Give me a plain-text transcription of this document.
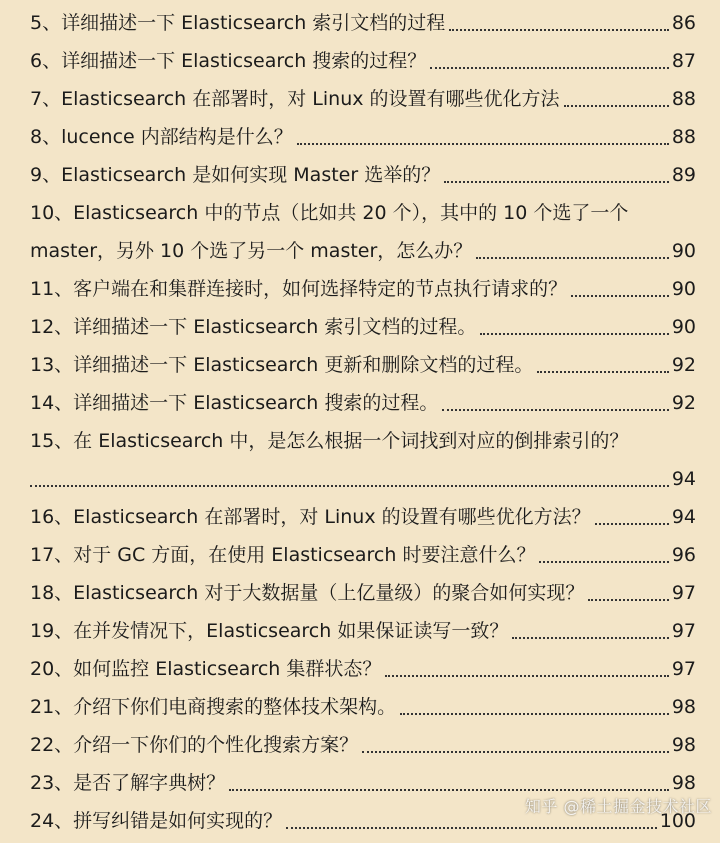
5、详细描述一下 Elasticsearch 索引文档的过程	86
6、详细描述一下 Elasticsearch 搜索的过程？	87
7、Elasticsearch 在部署时，对 Linux 的设置有哪些优化方法	88
8、lucence 内部结构是什么？	88
9、Elasticsearch 是如何实现 Master 选举的？	89
10、Elasticsearch 中的节点（比如共 20 个），其中的 10 个选了一个
master，另外 10 个选了另一个 master，怎么办？	90
11、客户端在和集群连接时，如何选择特定的节点执行请求的？	90
12、详细描述一下 Elasticsearch 索引文档的过程。	90
13、详细描述一下 Elasticsearch 更新和删除文档的过程。	92
14、详细描述一下 Elasticsearch 搜索的过程。	92
15、在 Elasticsearch 中，是怎么根据一个词找到对应的倒排索引的？
94
16、Elasticsearch 在部署时，对 Linux 的设置有哪些优化方法？	94
17、对于 GC 方面，在使用 Elasticsearch 时要注意什么？	96
18、Elasticsearch 对于大数据量（上亿量级）的聚合如何实现？	97
19、在并发情况下，Elasticsearch 如果保证读写一致？	97
20、如何监控 Elasticsearch 集群状态？	97
21、介绍下你们电商搜索的整体技术架构。	98
22、介绍一下你们的个性化搜索方案？	98
23、是否了解字典树？	98
24、拼写纠错是如何实现的？	100
知乎 @稀土掘金技术社区
